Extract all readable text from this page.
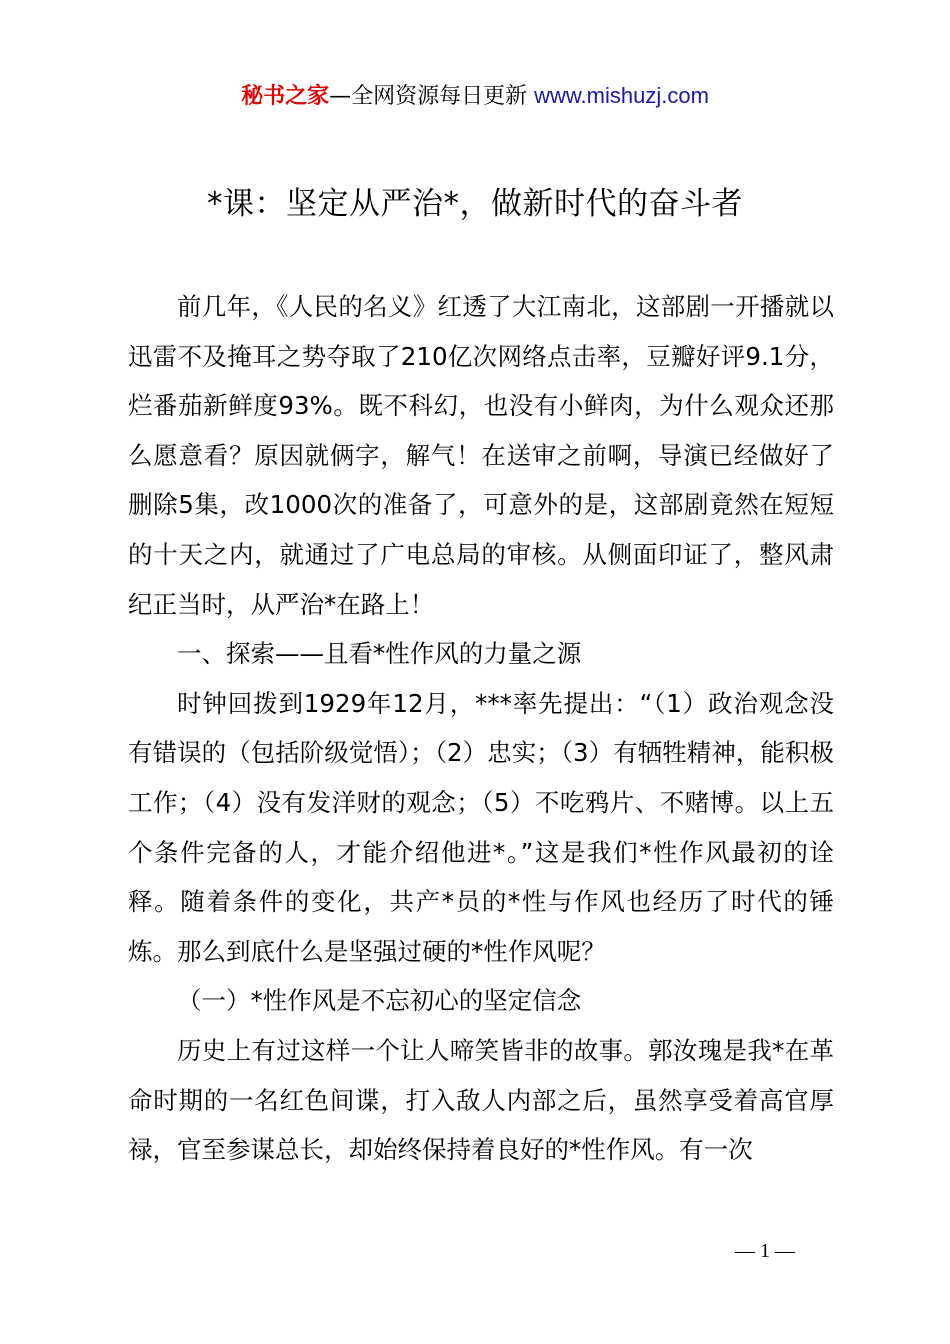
秘书之家—全网资源每日更新 www.mishuzj.com
*课：坚定从严治*，做新时代的奋斗者

前几年，《人民的名义》红透了大江南北，这部剧一开播就以迅雷不及掩耳之势夺取了210亿次网络点击率，豆瓣好评9.1分，烂番茄新鲜度93%。既不科幻，也没有小鲜肉，为什么观众还那么愿意看？原因就俩字，解气！在送审之前啊，导演已经做好了删除5集，改1000次的准备了，可意外的是，这部剧竟然在短短的十天之内，就通过了广电总局的审核。从侧面印证了，整风肃纪正当时，从严治*在路上！

一、探索——且看*性作风的力量之源

时钟回拨到1929年12月，***率先提出：“（1）政治观念没有错误的（包括阶级觉悟）；（2）忠实；（3）有牺牲精神，能积极工作；（4）没有发洋财的观念；（5）不吃鸦片、不赌博。以上五个条件完备的人，才能介绍他进*。”这是我们*性作风最初的诠释。随着条件的变化，共产*员的*性与作风也经历了时代的锤炼。那么到底什么是坚强过硬的*性作风呢？

（一）*性作风是不忘初心的坚定信念

历史上有过这样一个让人啼笑皆非的故事。郭汝瑰是我*在革命时期的一名红色间谍，打入敌人内部之后，虽然享受着高官厚禄，官至参谋总长，却始终保持着良好的*性作风。有一次

— 1 —
